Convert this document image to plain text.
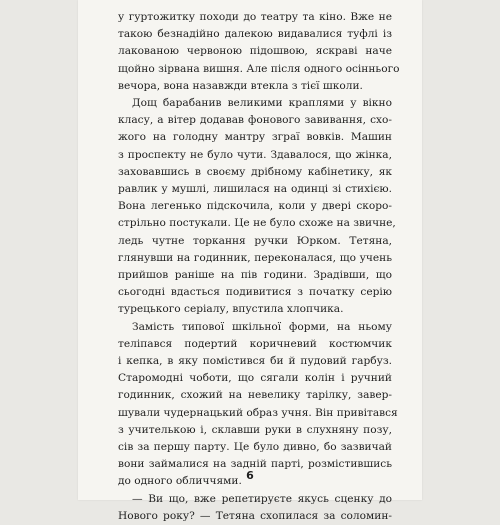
у гуртожитку походи до театру та кіно. Вже не
такою безнадійно далекою видавалися туфлі із
лакованою червоною підошвою, яскраві наче
щойно зірвана вишня. Але після одного осіннього
вечора, вона назавжди втекла з тієї школи.
Дощ барабанив великими краплями у вікно
класу, а вітер додавав фонового завивання, схо-
жого на голодну мантру зграї вовків. Машин
з проспекту не було чути. Здавалося, що жінка,
заховавшись в своєму дрібному кабінетику, як
равлик у мушлі, лишилася на одинці зі стихією.
Вона легенько підскочила, коли у двері скоро-
стрільно постукали. Це не було схоже на звичне,
ледь чутне торкання ручки Юрком. Тетяна,
глянувши на годинник, переконалася, що учень
прийшов раніше на пів години. Зрадівши, що
сьогодні вдасться подивитися з початку серію
турецького серіалу, впустила хлопчика.
Замість типової шкільної форми, на ньому
теліпався подертий коричневий костюмчик
і кепка, в яку помістився би й пудовий гарбуз.
Старомодні чоботи, що сягали колін і ручний
годинник, схожий на невелику тарілку, завер-
шували чудернацький образ учня. Він привітався
з учителькою і, склавши руки в слухняну позу,
сів за першу парту. Це було дивно, бо зазвичай
вони займалися на задній парті, розмістившись
до одного обличчями.
— Ви що, вже репетируєте якусь сценку до
Нового року? — Тетяна схопилася за соломин-
6
